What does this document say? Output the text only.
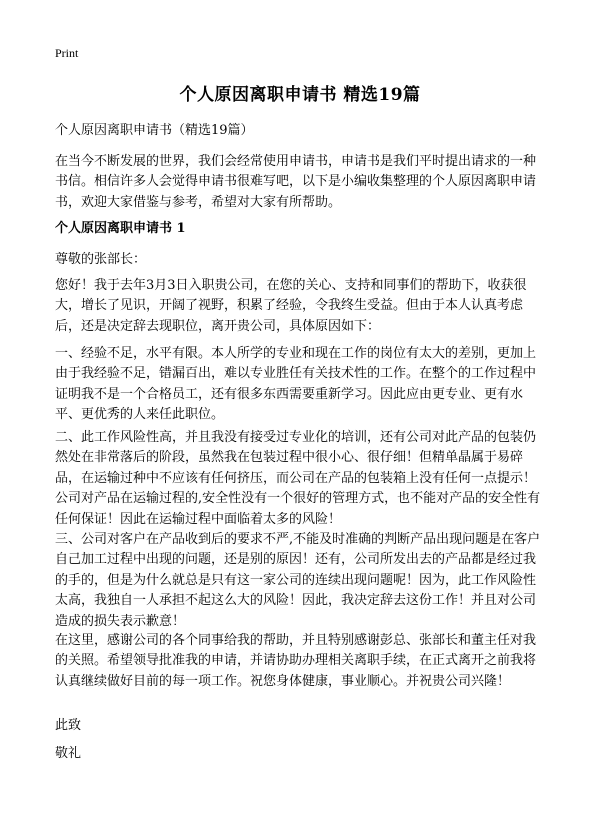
Print
个人原因离职申请书 精选19篇
个人原因离职申请书（精选19篇）
在当今不断发展的世界，我们会经常使用申请书，申请书是我们平时提出请求的一种书信。相信许多人会觉得申请书很难写吧，以下是小编收集整理的个人原因离职申请书，欢迎大家借鉴与参考，希望对大家有所帮助。
个人原因离职申请书 1
尊敬的张部长：
您好！我于去年3月3日入职贵公司，在您的关心、支持和同事们的帮助下，收获很大，增长了见识，开阔了视野，积累了经验，令我终生受益。但由于本人认真考虑后，还是决定辞去现职位，离开贵公司，具体原因如下：
一、经验不足，水平有限。本人所学的专业和现在工作的岗位有太大的差别，更加上由于我经验不足，错漏百出，难以专业胜任有关技术性的工作。在整个的工作过程中证明我不是一个合格员工，还有很多东西需要重新学习。因此应由更专业、更有水平、更优秀的人来任此职位。
二、此工作风险性高，并且我没有接受过专业化的培训，还有公司对此产品的包装仍然处在非常落后的阶段，虽然我在包装过程中很小心、很仔细！但精单晶属于易碎品，在运输过种中不应该有任何挤压，而公司在产品的包装箱上没有任何一点提示！公司对产品在运输过程的,安全性没有一个很好的管理方式，也不能对产品的安全性有任何保证！因此在运输过程中面临着太多的风险！
三、公司对客户在产品收到后的要求不严,不能及时准确的判断产品出现问题是在客户自己加工过程中出现的问题，还是别的原因！还有，公司所发出去的产品都是经过我的手的，但是为什么就总是只有这一家公司的连续出现问题呢！因为，此工作风险性太高，我独自一人承担不起这么大的风险！因此，我决定辞去这份工作！并且对公司造成的损失表示歉意！
在这里，感谢公司的各个同事给我的帮助，并且特别感谢彭总、张部长和董主任对我的关照。希望领导批准我的申请，并请协助办理相关离职手续，在正式离开之前我将认真继续做好目前的每一项工作。祝您身体健康，事业顺心。并祝贵公司兴隆！
此致
敬礼
